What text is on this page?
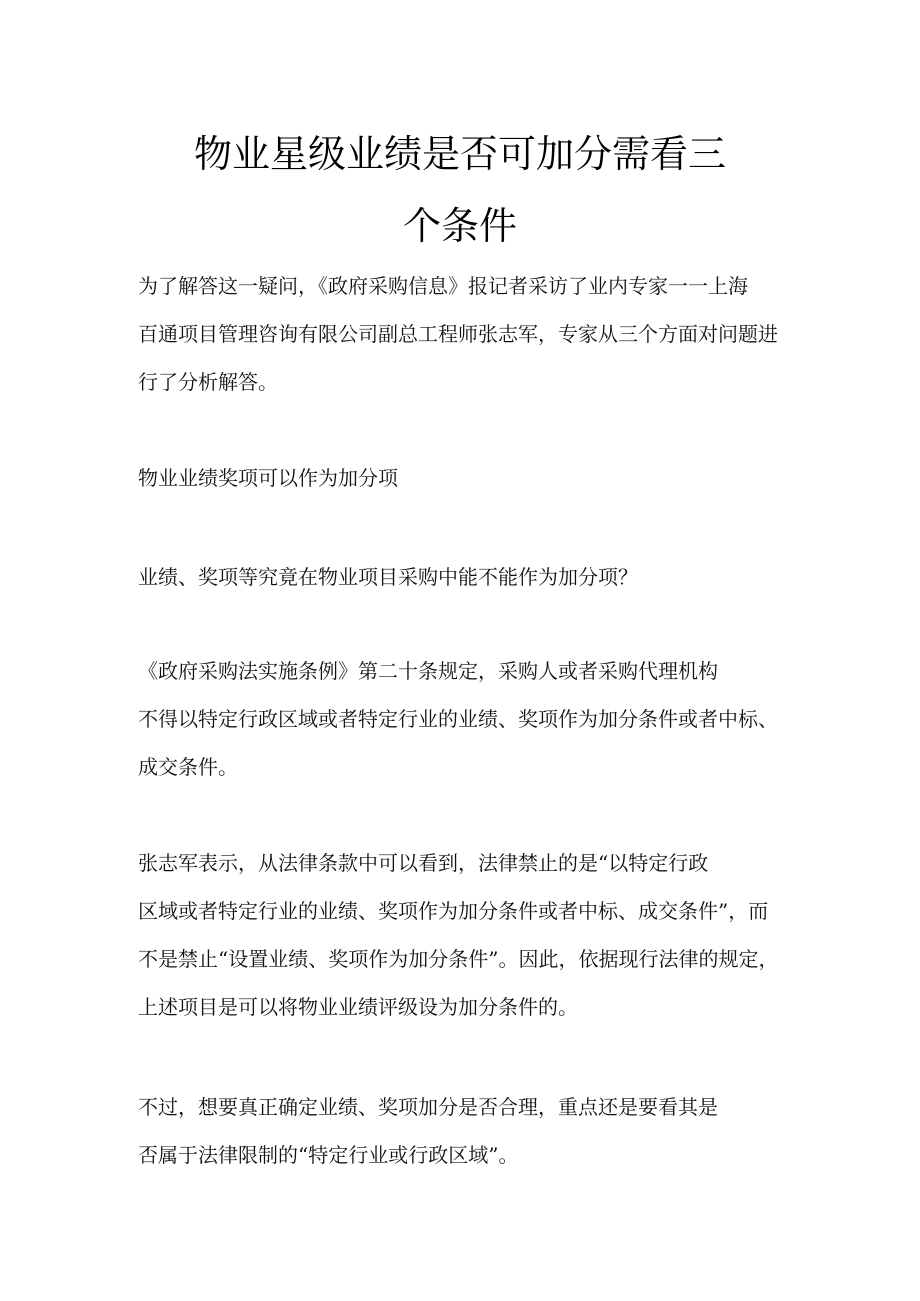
物业星级业绩是否可加分需看三
个条件
为了解答这一疑问，《政府采购信息》报记者采访了业内专家一一上海
百通项目管理咨询有限公司副总工程师张志军，专家从三个方面对问题进
行了分析解答。
物业业绩奖项可以作为加分项
业绩、奖项等究竟在物业项目采购中能不能作为加分项？
《政府采购法实施条例》第二十条规定，采购人或者采购代理机构
不得以特定行政区域或者特定行业的业绩、奖项作为加分条件或者中标、
成交条件。
张志军表示，从法律条款中可以看到，法律禁止的是“以特定行政
区域或者特定行业的业绩、奖项作为加分条件或者中标、成交条件”，而
不是禁止“设置业绩、奖项作为加分条件”。因此，依据现行法律的规定，
上述项目是可以将物业业绩评级设为加分条件的。
不过，想要真正确定业绩、奖项加分是否合理，重点还是要看其是
否属于法律限制的“特定行业或行政区域”。
